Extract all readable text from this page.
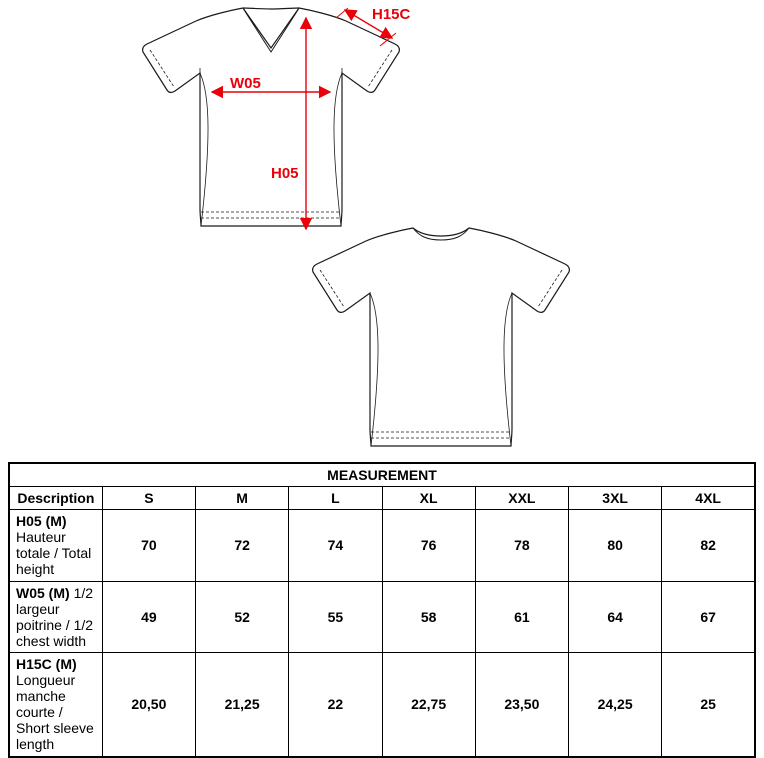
H15C
W05
H05
MEASUREMENT							
Description	S	M	L	XL	XXL	3XL	4XL
H05 (M) Hauteur totale / Total height	70	72	74	76	78	80	82
W05 (M) 1/2 largeur poitrine / 1/2 chest width	49	52	55	58	61	64	67
H15C (M) Longueur manche courte / Short sleeve length	20,50	21,25	22	22,75	23,50	24,25	25
